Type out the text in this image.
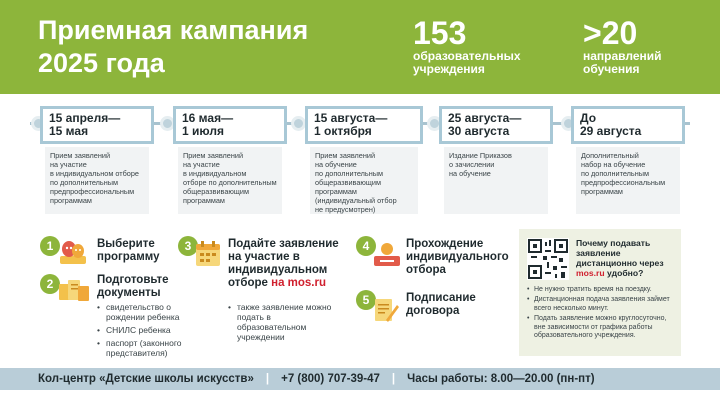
Приемная кампания
2025 года
153
образовательных учреждения
>20
направлений обучения
15 апреля—
15 мая
Прием заявлений
на участие
в индивидуальном отборе
по дополнительным
предпрофессиональным
программам
16 мая—
1 июля
Прием заявлений
на участие
в индивидуальном
отборе по дополнительным
общеразвивающим
программам
15 августа—
1 октября
Прием заявлений
на обучение
по дополнительным
общеразвивающим
программам
(индивидуальный отбор
не предусмотрен)
25 августа—
30 августа
Издание Приказов
о зачислении
на обучение
До
29 августа
Дополнительный
набор на обучение
по дополнительным
предпрофессиональным
программам
1	Выберите программу
2	Подготовьте документы
• свидетельство о рождении ребенка
• СНИЛС ребенка
• паспорт (законного представителя)
3	Подайте заявление на участие в индивидуальном отборе на mos.ru
• также заявление можно подать в образовательном учреждении
4	Прохождение индивидуального отбора
5	Подписание договора
Почему подавать заявление дистанционно через mos.ru удобно?
• Не нужно тратить время на поездку.
• Дистанционная подача заявления займет всего несколько минут.
• Подать заявление можно круглосуточно, вне зависимости от графика работы образовательного учреждения.
Кол-центр «Детские школы искусств» | +7 (800) 707-39-47 | Часы работы: 8.00—20.00 (пн-пт)
